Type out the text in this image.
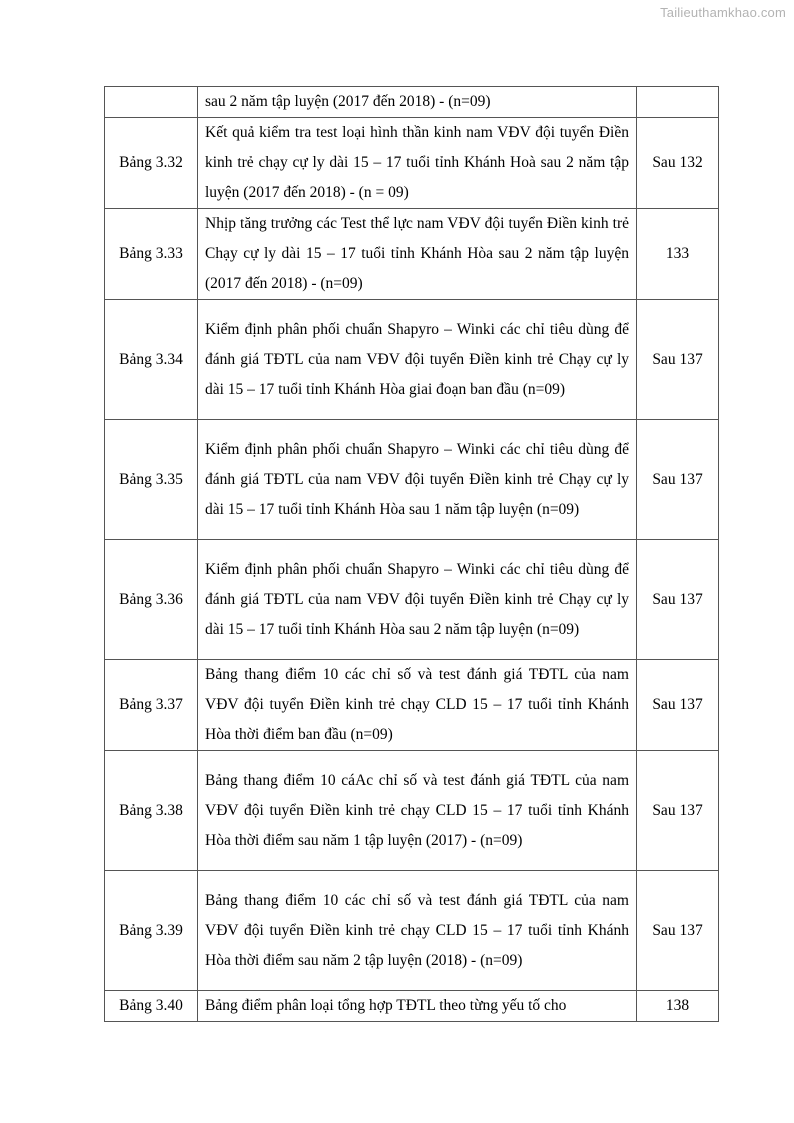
Tailieuthamkhao.com

	sau 2 năm tập luyện (2017 đến 2018) - (n=09)	

Bảng 3.32	Kết quả kiểm tra test loại hình thần kinh nam VĐV đội tuyển Điền kinh trẻ chạy cự ly dài 15 – 17 tuổi tỉnh Khánh Hoà sau 2 năm tập luyện (2017 đến 2018) - (n = 09)	Sau 132
Bảng 3.33	Nhịp tăng trưởng các Test thể lực nam VĐV đội tuyển Điền kinh trẻ Chạy cự ly dài 15 – 17 tuổi tỉnh Khánh Hòa sau 2 năm tập luyện (2017 đến 2018) - (n=09)	133
Bảng 3.34	Kiểm định phân phối chuẩn Shapyro – Winki các chỉ tiêu dùng để đánh giá TĐTL của nam VĐV đội tuyển Điền kinh trẻ Chạy cự ly dài 15 – 17 tuổi tỉnh Khánh Hòa giai đoạn ban đầu (n=09)	Sau 137
Bảng 3.35	Kiểm định phân phối chuẩn Shapyro – Winki các chỉ tiêu dùng để đánh giá TĐTL của nam VĐV đội tuyển Điền kinh trẻ Chạy cự ly dài 15 – 17 tuổi tỉnh Khánh Hòa sau 1 năm tập luyện (n=09)	Sau 137
Bảng 3.36	Kiểm định phân phối chuẩn Shapyro – Winki các chỉ tiêu dùng để đánh giá TĐTL của nam VĐV đội tuyển Điền kinh trẻ Chạy cự ly dài 15 – 17 tuổi tỉnh Khánh Hòa sau 2 năm tập luyện (n=09)	Sau 137
Bảng 3.37	Bảng thang điểm 10 các chỉ số và test đánh giá TĐTL của nam VĐV đội tuyển Điền kinh trẻ chạy CLD 15 – 17 tuổi tỉnh Khánh Hòa thời điểm ban đầu (n=09)	Sau 137
Bảng 3.38	Bảng thang điểm 10 cáAc chỉ số và test đánh giá TĐTL của nam VĐV đội tuyển Điền kinh trẻ chạy CLD 15 – 17 tuổi tỉnh Khánh Hòa thời điểm sau năm 1 tập luyện (2017) - (n=09)	Sau 137
Bảng 3.39	Bảng thang điểm 10 các chỉ số và test đánh giá TĐTL của nam VĐV đội tuyển Điền kinh trẻ chạy CLD 15 – 17 tuổi tỉnh Khánh Hòa thời điểm sau năm 2 tập luyện (2018) - (n=09)	Sau 137
Bảng 3.40	Bảng điểm phân loại tổng hợp TĐTL theo từng yếu tố cho	138
